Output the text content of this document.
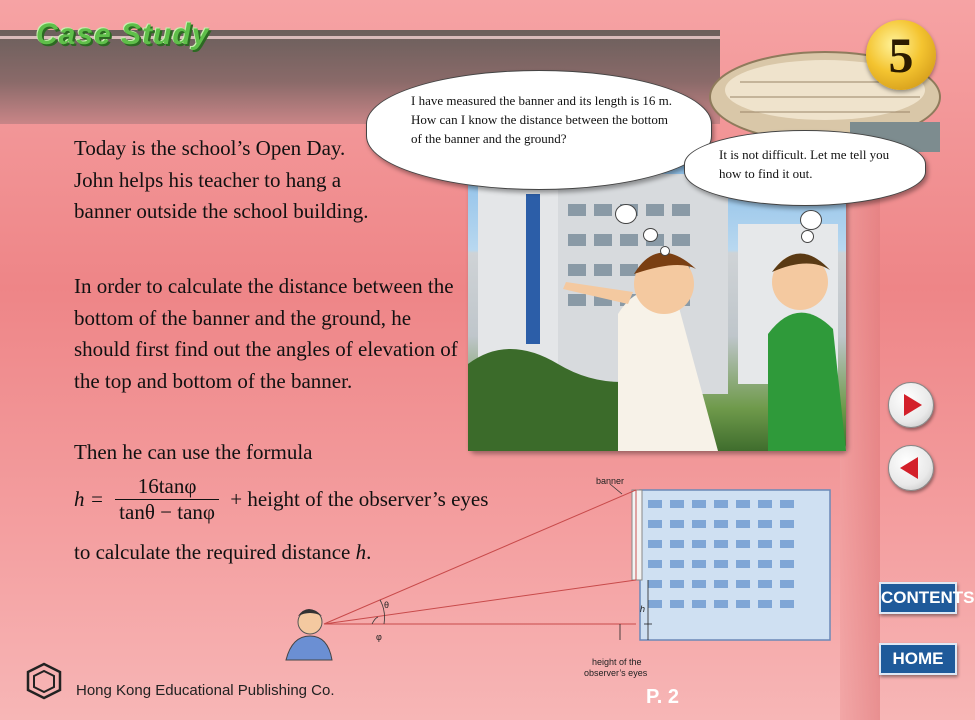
Case Study	5
Today is the school’s Open Day. John helps his teacher to hang a banner outside the school building.
I have measured the banner and its length is 16 m. How can I know the distance between the bottom of the banner and the ground?
It is not difficult. Let me tell you how to find it out.
In order to calculate the distance between the bottom of the banner and the ground, he should first find out the angles of elevation of the top and bottom of the banner.
Then he can use the formula
$h = \frac{16\tan\varphi}{\tan\theta - \tan\varphi}$ + height of the observer’s eyes
to calculate the required distance h.
banner
θ
φ
h
height of the
observer’s eyes
CONTENTS
HOME
Hong Kong Educational Publishing Co.	P. 2
